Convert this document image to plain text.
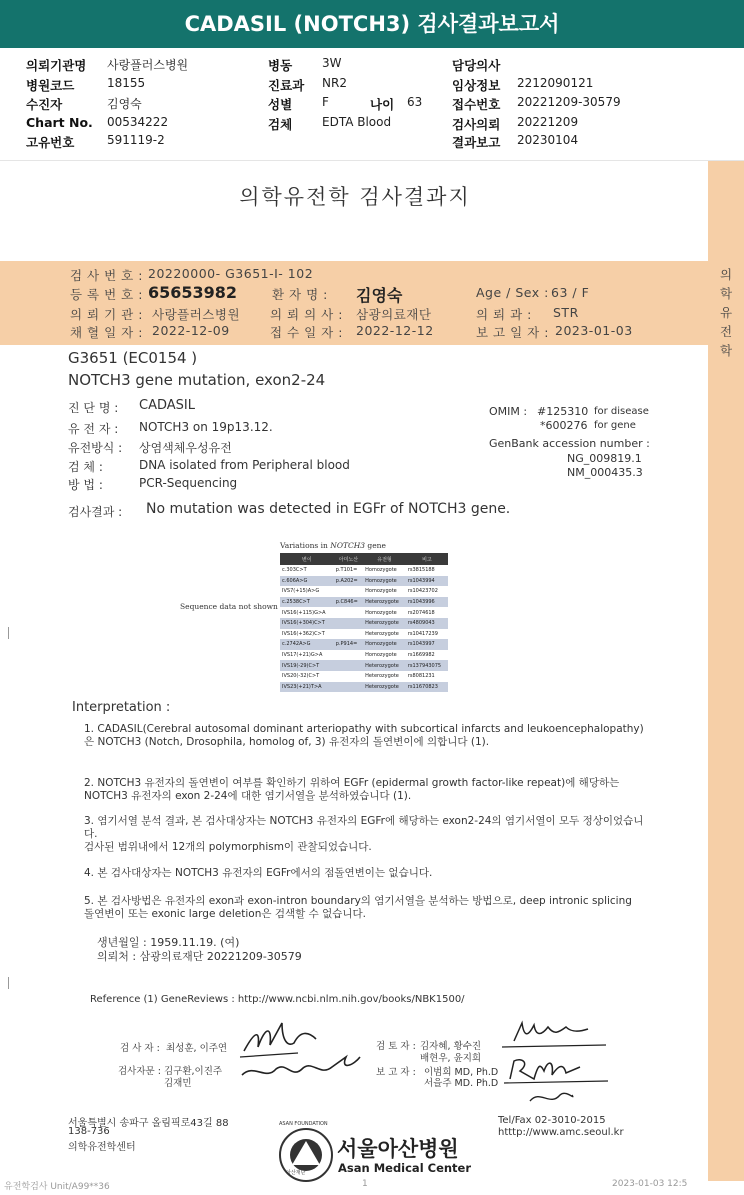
CADASIL (NOTCH3) 검사결과보고서
의뢰기관명 사랑플러스병원
병원코드	18155
수진자	김영숙
Chart No. 00534222
고유번호	591119-2
병동 3W
진료과 NR2
성별 F	나이 63
검체 EDTA Blood
담당의사
임상정보 2212090121
접수번호 20221209-30579
검사의뢰 20221209
결과보고 20230104
의학유전학 검사결과지
검 사 번 호 : 20220000- G3651-I- 102
등 록 번 호 : 65653982	환 자 명 : 김영숙	Age / Sex : 63 / F
의 뢰 기 관 : 사랑플러스병원 의 뢰 의 사 : 삼광의료재단	의 뢰 과 : STR
채 혈 일 자 : 2022-12-09	접 수 일 자 : 2022-12-12	보 고 일 자 : 2023-01-03
의
학
유
전
학
G3651 (EC0154 )
NOTCH3 gene mutation, exon2-24
진 단 명 : CADASIL
유 전 자 : NOTCH3 on 19p13.12.
유전방식 : 상염색체우성유전
검 체 :	DNA isolated from Peripheral blood
방 법 :	PCR-Sequencing
OMIM : #125310 for disease
*600276 for gene
GenBank accession number :
NG_009819.1
NM_000435.3
검사결과 : No mutation was detected in EGFr of NOTCH3 gene.
Sequence data not shown
Variations in NOTCH3 gene
변이	아미노산	유전형	비고
c.303C>T	p.T101=	Homozygote	rs3815188
c.606A>G	p.A202=	Homozygote	rs1043994
IVS7(+15)A>G		Homozygote	rs10423702
c.2538C>T	p.C846=	Heterozygote	rs1043996
IVS16(+115)G>A		Homozygote	rs2074618
IVS16(+304)C>T		Heterozygote	rs4809043
IVS16(+362)C>T		Heterozygote	rs10417239
c.2742A>G	p.P914=	Homozygote	rs1043997
IVS17(+21)G>A		Homozygote	rs1669982
IVS19(-29)C>T		Heterozygote	rs137943075
IVS20(-32)C>T		Heterozygote	rs8081231
IVS23(+21)T>A		Heterozygote	rs11670823
Interpretation :
1. CADASIL(Cerebral autosomal dominant arteriopathy with subcortical infarcts and leukoencephalopathy)은 NOTCH3 (Notch, Drosophila, homolog of, 3) 유전자의 돌연변이에 의합니다 (1).
2. NOTCH3 유전자의 돌연변이 여부를 확인하기 위하여 EGFr (epidermal growth factor-like repeat)에 해당하는 NOTCH3 유전자의 exon 2-24에 대한 염기서열을 분석하였습니다 (1).
3. 염기서열 분석 결과, 본 검사대상자는 NOTCH3 유전자의 EGFr에 해당하는 exon2-24의 염기서열이 모두 정상이었습니다.
검사된 범위내에서 12개의 polymorphism이 관찰되었습니다.
4. 본 검사대상자는 NOTCH3 유전자의 EGFr에서의 점돌연변이는 없습니다.
5. 본 검사방법은 유전자의 exon과 exon-intron boundary의 염기서열을 분석하는 방법으로, deep intronic splicing 돌연변이 또는 exonic large deletion은 검색할 수 없습니다.
생년월일 : 1959.11.19. (여)
의뢰처 : 삼광의료재단 20221209-30579
Reference (1) GeneReviews : http://www.ncbi.nlm.nih.gov/books/NBK1500/
검 사 자 : 최성훈, 이주연
검사자문 : 김구환,이진주 김재민
검 토 자 : 김자혜, 황수진
배현우, 윤지희
보 고 자 : 이범희 MD, Ph.D
서을주 MD. Ph.D
서울특별시 송파구 올림픽로43길 88
138-736
의학유전학센터
아산재단
ASAN FOUNDATION
서울아산병원
Asan Medical Center
Tel/Fax 02-3010-2015
htttp://www.amc.seoul.kr
유전학검사 Unit/A99**36	1	2023-01-03 12:5
